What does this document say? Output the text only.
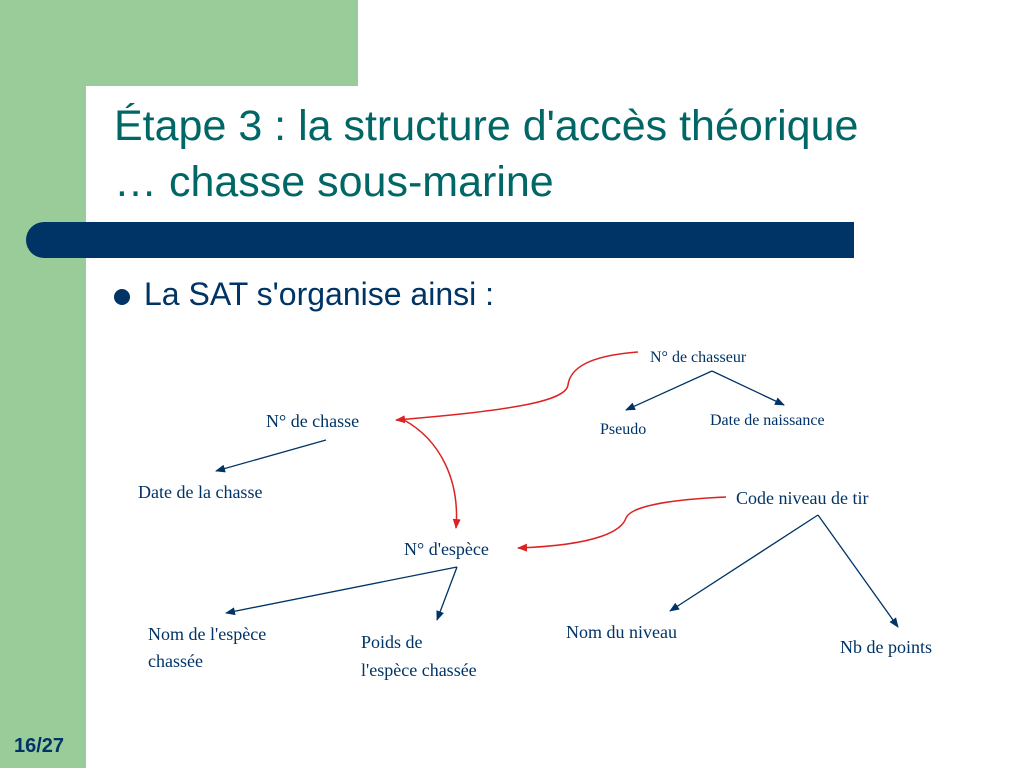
Étape 3 : la structure d'accès théorique
… chasse sous-marine
La SAT s'organise ainsi :
N° de chasseur
Pseudo
Date de naissance
N° de chasse
Date de la chasse	Code niveau de tir
N° d'espèce
Nom de l'espèce
chassée
Poids de
l'espèce chassée
Nom du niveau
Nb de points
16/27
